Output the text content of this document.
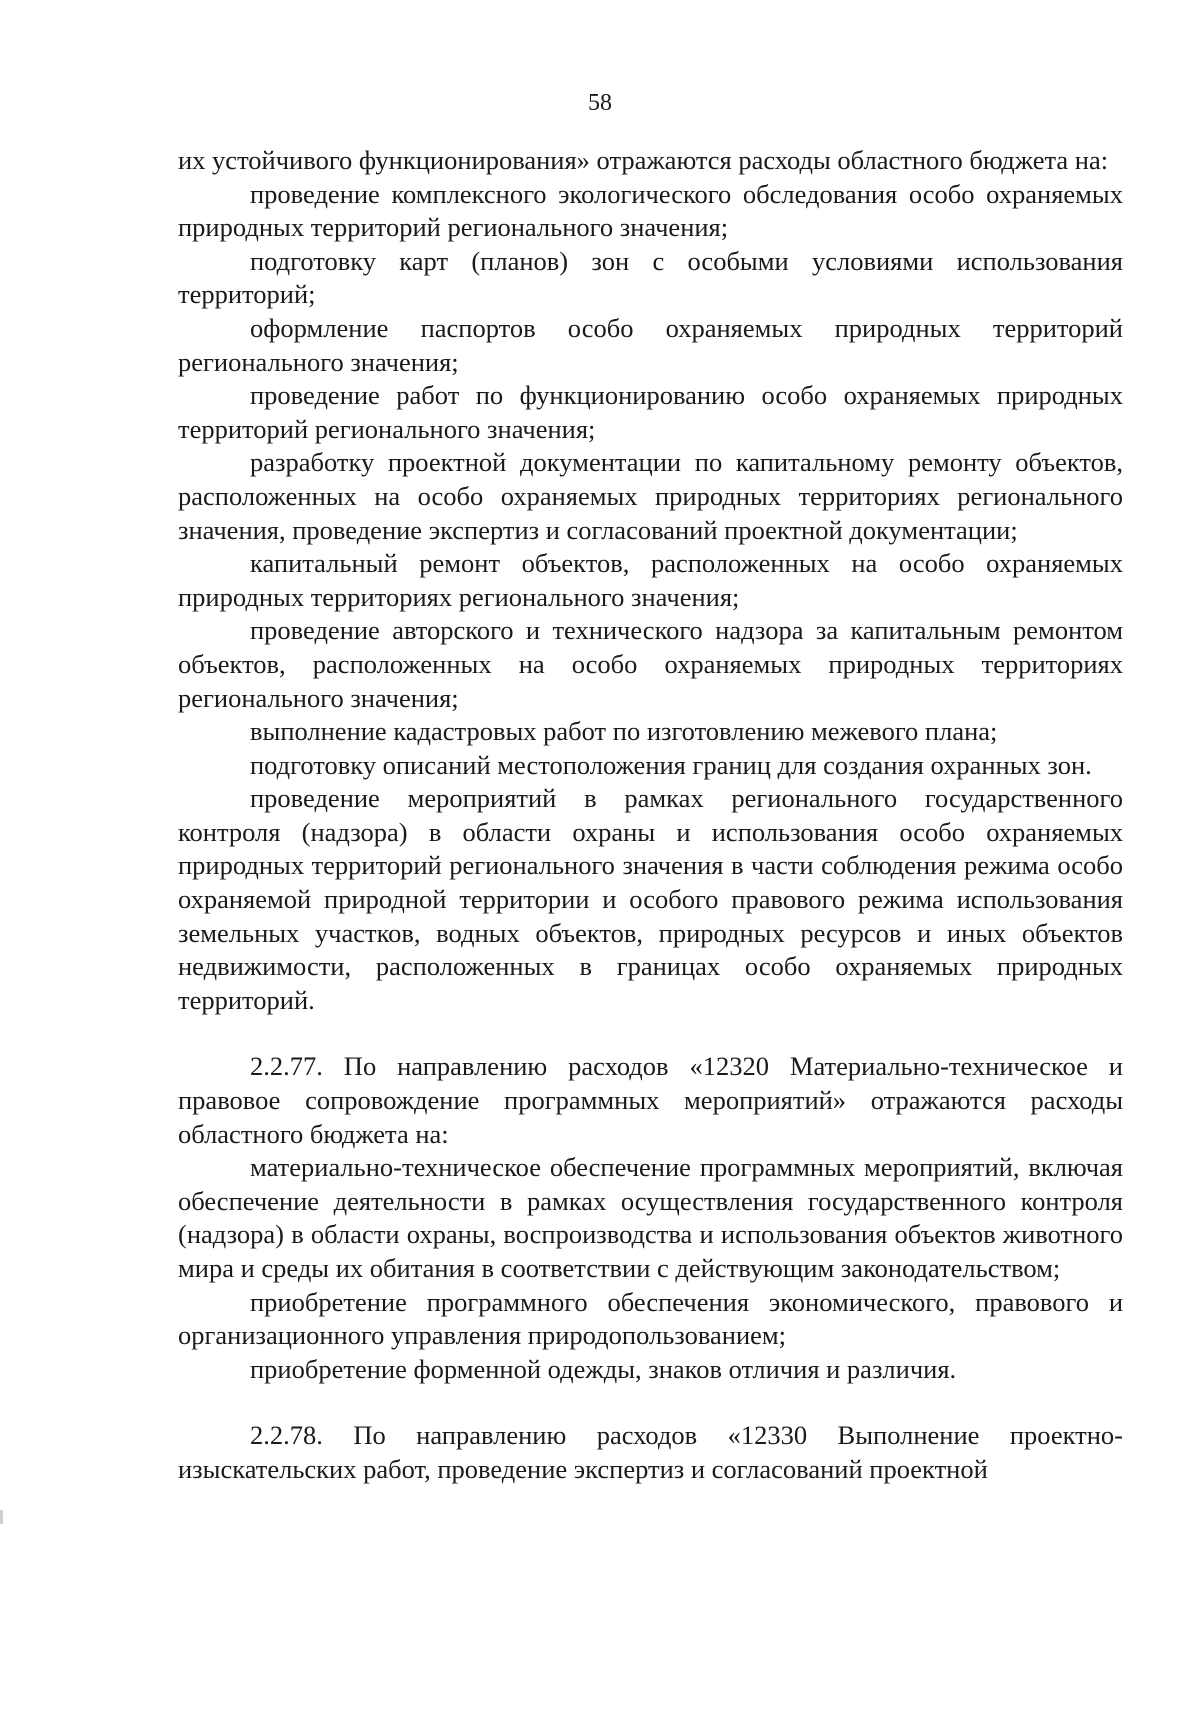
58

их устойчивого функционирования» отражаются расходы областного бюджета на:

проведение комплексного экологического обследования особо охраняемых природных территорий регионального значения;

подготовку карт (планов) зон с особыми условиями использования территорий;

оформление паспортов особо охраняемых природных территорий регионального значения;

проведение работ по функционированию особо охраняемых природных территорий регионального значения;

разработку проектной документации по капитальному ремонту объектов, расположенных на особо охраняемых природных территориях регионального значения, проведение экспертиз и согласований проектной документации;

капитальный ремонт объектов, расположенных на особо охраняемых природных территориях регионального значения;

проведение авторского и технического надзора за капитальным ремонтом объектов, расположенных на особо охраняемых природных территориях регионального значения;

выполнение кадастровых работ по изготовлению межевого плана;

подготовку описаний местоположения границ для создания охранных зон.

проведение мероприятий в рамках регионального государственного контроля (надзора) в области охраны и использования особо охраняемых природных территорий регионального значения в части соблюдения режима особо охраняемой природной территории и особого правового режима использования земельных участков, водных объектов, природных ресурсов и иных объектов недвижимости, расположенных в границах особо охраняемых природных территорий.

2.2.77. По направлению расходов «12320 Материально-техническое и правовое сопровождение программных мероприятий» отражаются расходы областного бюджета на:

материально-техническое обеспечение программных мероприятий, включая обеспечение деятельности в рамках осуществления государственного контроля (надзора) в области охраны, воспроизводства и использования объектов животного мира и среды их обитания в соответствии с действующим законодательством;

приобретение программного обеспечения экономического, правового и организационного управления природопользованием;

приобретение форменной одежды, знаков отличия и различия.

2.2.78. По направлению расходов «12330 Выполнение проектно-изыскательских работ, проведение экспертиз и согласований проектной
